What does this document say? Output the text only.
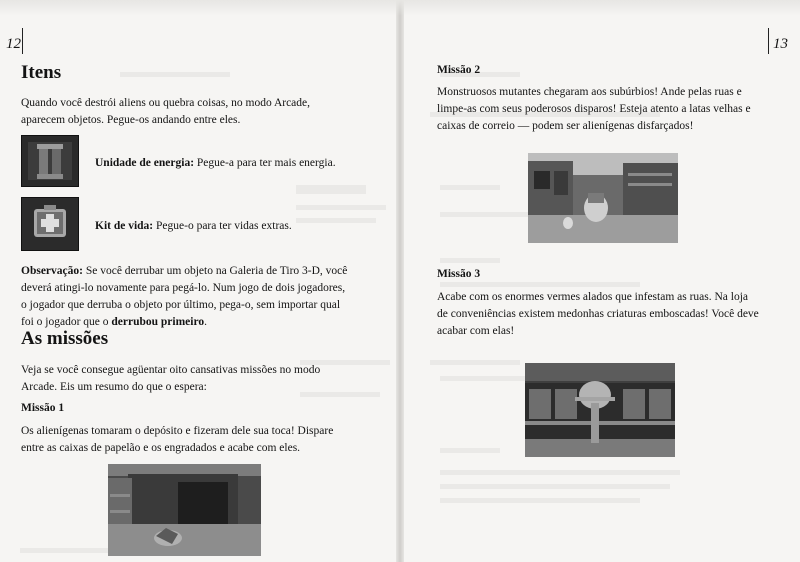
12
Itens
Quando você destrói aliens ou quebra coisas, no modo Arcade,
aparecem objetos. Pegue-os andando entre eles.
Unidade de energia: Pegue-a para ter mais energia.
Kit de vida: Pegue-o para ter vidas extras.
Observação: Se você derrubar um objeto na Galeria de Tiro 3-D, você
deverá atingi-lo novamente para pegá-lo. Num jogo de dois jogadores,
o jogador que derruba o objeto por último, pega-o, sem importar qual
foi o jogador que o derrubou primeiro.
As missões
Veja se você consegue agüentar oito cansativas missões no modo
Arcade. Eis um resumo do que o espera:
Missão 1
Os alienígenas tomaram o depósito e fizeram dele sua toca! Dispare
entre as caixas de papelão e os engradados e acabe com eles.
13
Missão 2
Monstruosos mutantes chegaram aos subúrbios! Ande pelas ruas e
limpe-as com seus poderosos disparos! Esteja atento a latas velhas e
caixas de correio — podem ser alienígenas disfarçados!
Missão 3
Acabe com os enormes vermes alados que infestam as ruas. Na loja
de conveniências existem medonhas criaturas emboscadas! Você deve
acabar com elas!
